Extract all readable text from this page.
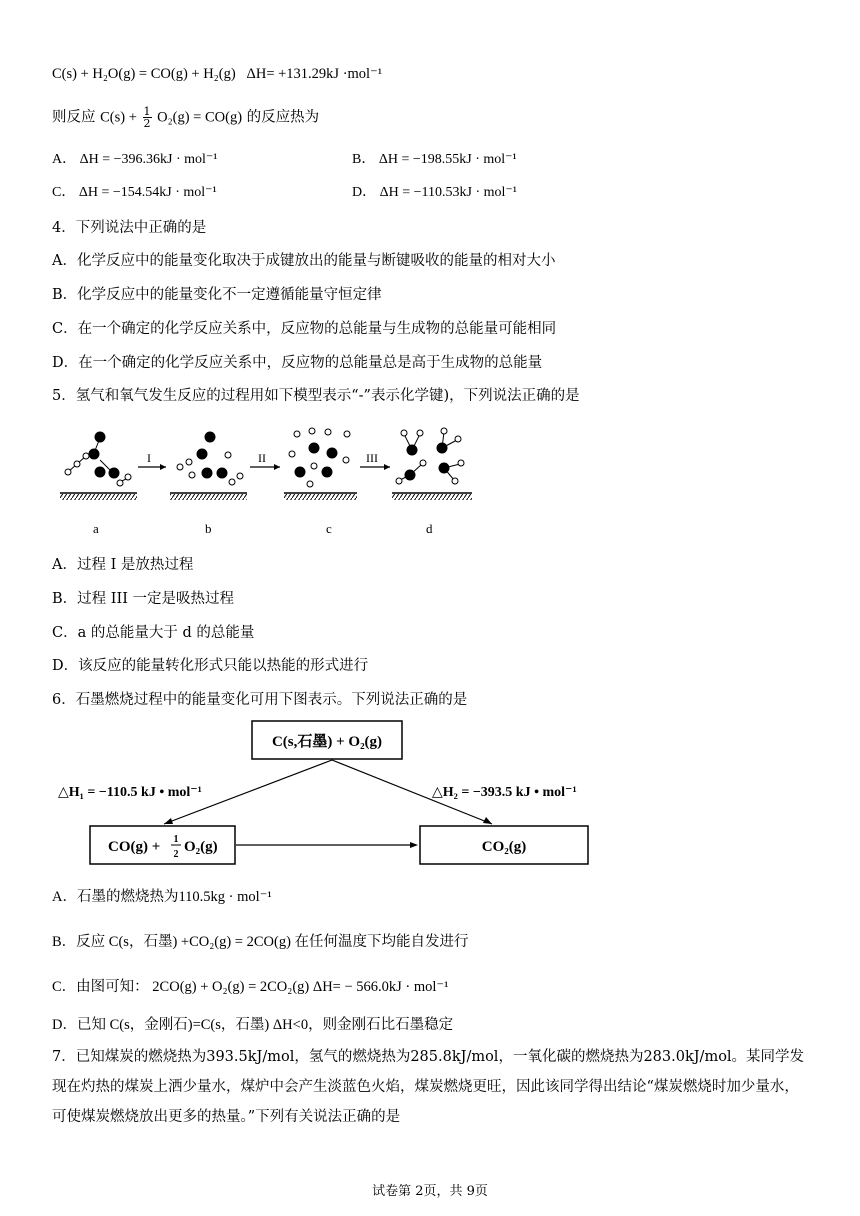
C(s) + H₂O(g) = CO(g) + H₂(g) ΔH= +131.29kJ ·mol⁻¹
则反应 $C(s) + \frac{1}{2} O_2(g) = CO(g)$ 的反应热为
A． ΔH = −396.36kJ · mol⁻¹	B． ΔH = −198.55kJ · mol⁻¹
C． ΔH = −154.54kJ · mol⁻¹	D． ΔH = −110.53kJ · mol⁻¹
4．下列说法中正确的是
A．化学反应中的能量变化取决于成键放出的能量与断键吸收的能量的相对大小
B．化学反应中的能量变化不一定遵循能量守恒定律
C．在一个确定的化学反应关系中，反应物的总能量与生成物的总能量可能相同
D．在一个确定的化学反应关系中，反应物的总能量总是高于生成物的总能量
5．氢气和氧气发生反应的过程用如下模型表示“-”表示化学键)，下列说法正确的是
I	II	III
a	b	c	d
A．过程 I 是放热过程
B．过程 III 一定是吸热过程
C．a 的总能量大于 d 的总能量
D．该反应的能量转化形式只能以热能的形式进行
6．石墨燃烧过程中的能量变化可用下图表示。下列说法正确的是
C(s,石墨) + O₂(g)
CO(g) + 1
2 O₂(g)	CO₂(g)
△H₁ = −110.5 kJ • mol⁻¹	△H₂ = −393.5 kJ • mol⁻¹
A．石墨的燃烧热为110.5kg · mol⁻¹
B．反应 C(s，石墨) +CO₂(g) = 2CO(g) 在任何温度下均能自发进行
C．由图可知： 2CO(g) + O₂(g) = 2CO₂(g) ΔH= − 566.0kJ · mol⁻¹
D．已知 C(s，金刚石)=C(s，石墨) ΔH<0，则金刚石比石墨稳定
7．已知煤炭的燃烧热为393.5kJ/mol，氢气的燃烧热为285.8kJ/mol，一氧化碳的燃烧热为283.0kJ/mol。某同学发现在灼热的煤炭上洒少量水，煤炉中会产生淡蓝色火焰，煤炭燃烧更旺，因此该同学得出结论“煤炭燃烧时加少量水，可使煤炭燃烧放出更多的热量。”下列有关说法正确的是
试卷第 2页，共 9页
